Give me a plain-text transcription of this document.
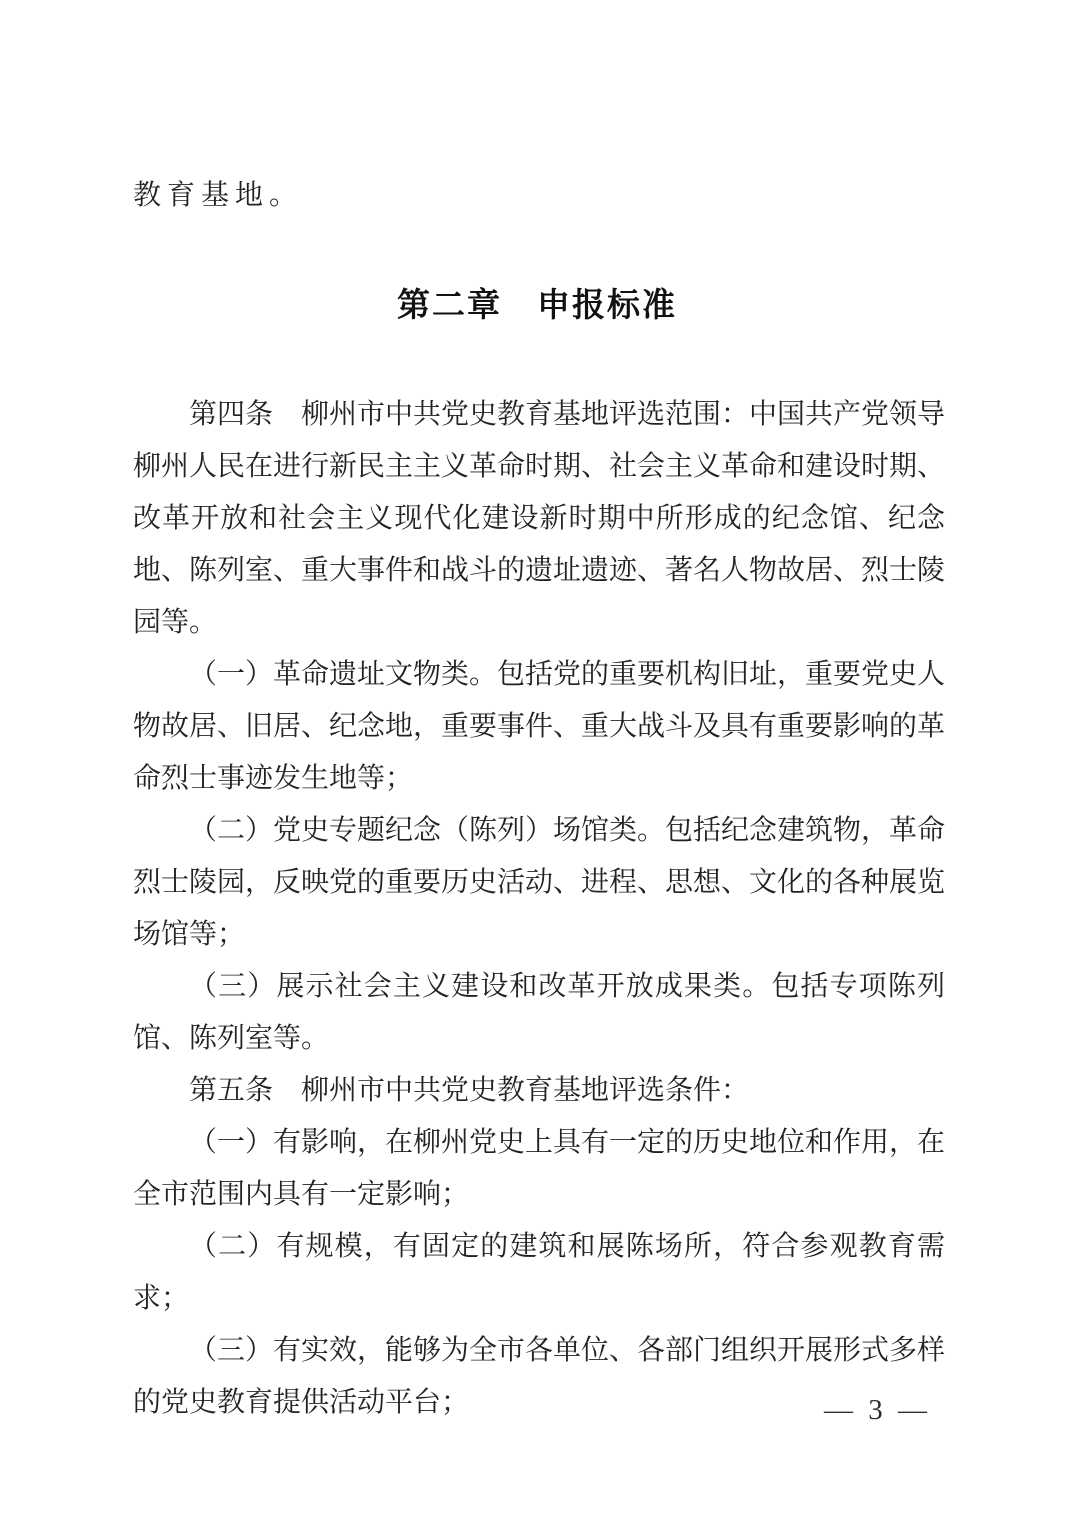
教育基地。
第二章　申报标准

第四条　柳州市中共党史教育基地评选范围：中国共产党领导柳州人民在进行新民主主义革命时期、社会主义革命和建设时期、改革开放和社会主义现代化建设新时期中所形成的纪念馆、纪念地、陈列室、重大事件和战斗的遗址遗迹、著名人物故居、烈士陵园等。

（一）革命遗址文物类。包括党的重要机构旧址，重要党史人物故居、旧居、纪念地，重要事件、重大战斗及具有重要影响的革命烈士事迹发生地等；

（二）党史专题纪念（陈列）场馆类。包括纪念建筑物，革命烈士陵园，反映党的重要历史活动、进程、思想、文化的各种展览场馆等；

（三）展示社会主义建设和改革开放成果类。包括专项陈列馆、陈列室等。

第五条　柳州市中共党史教育基地评选条件：

（一）有影响，在柳州党史上具有一定的历史地位和作用，在全市范围内具有一定影响；

（二）有规模，有固定的建筑和展陈场所，符合参观教育需求；

（三）有实效，能够为全市各单位、各部门组织开展形式多样的党史教育提供活动平台；	— 3 —
